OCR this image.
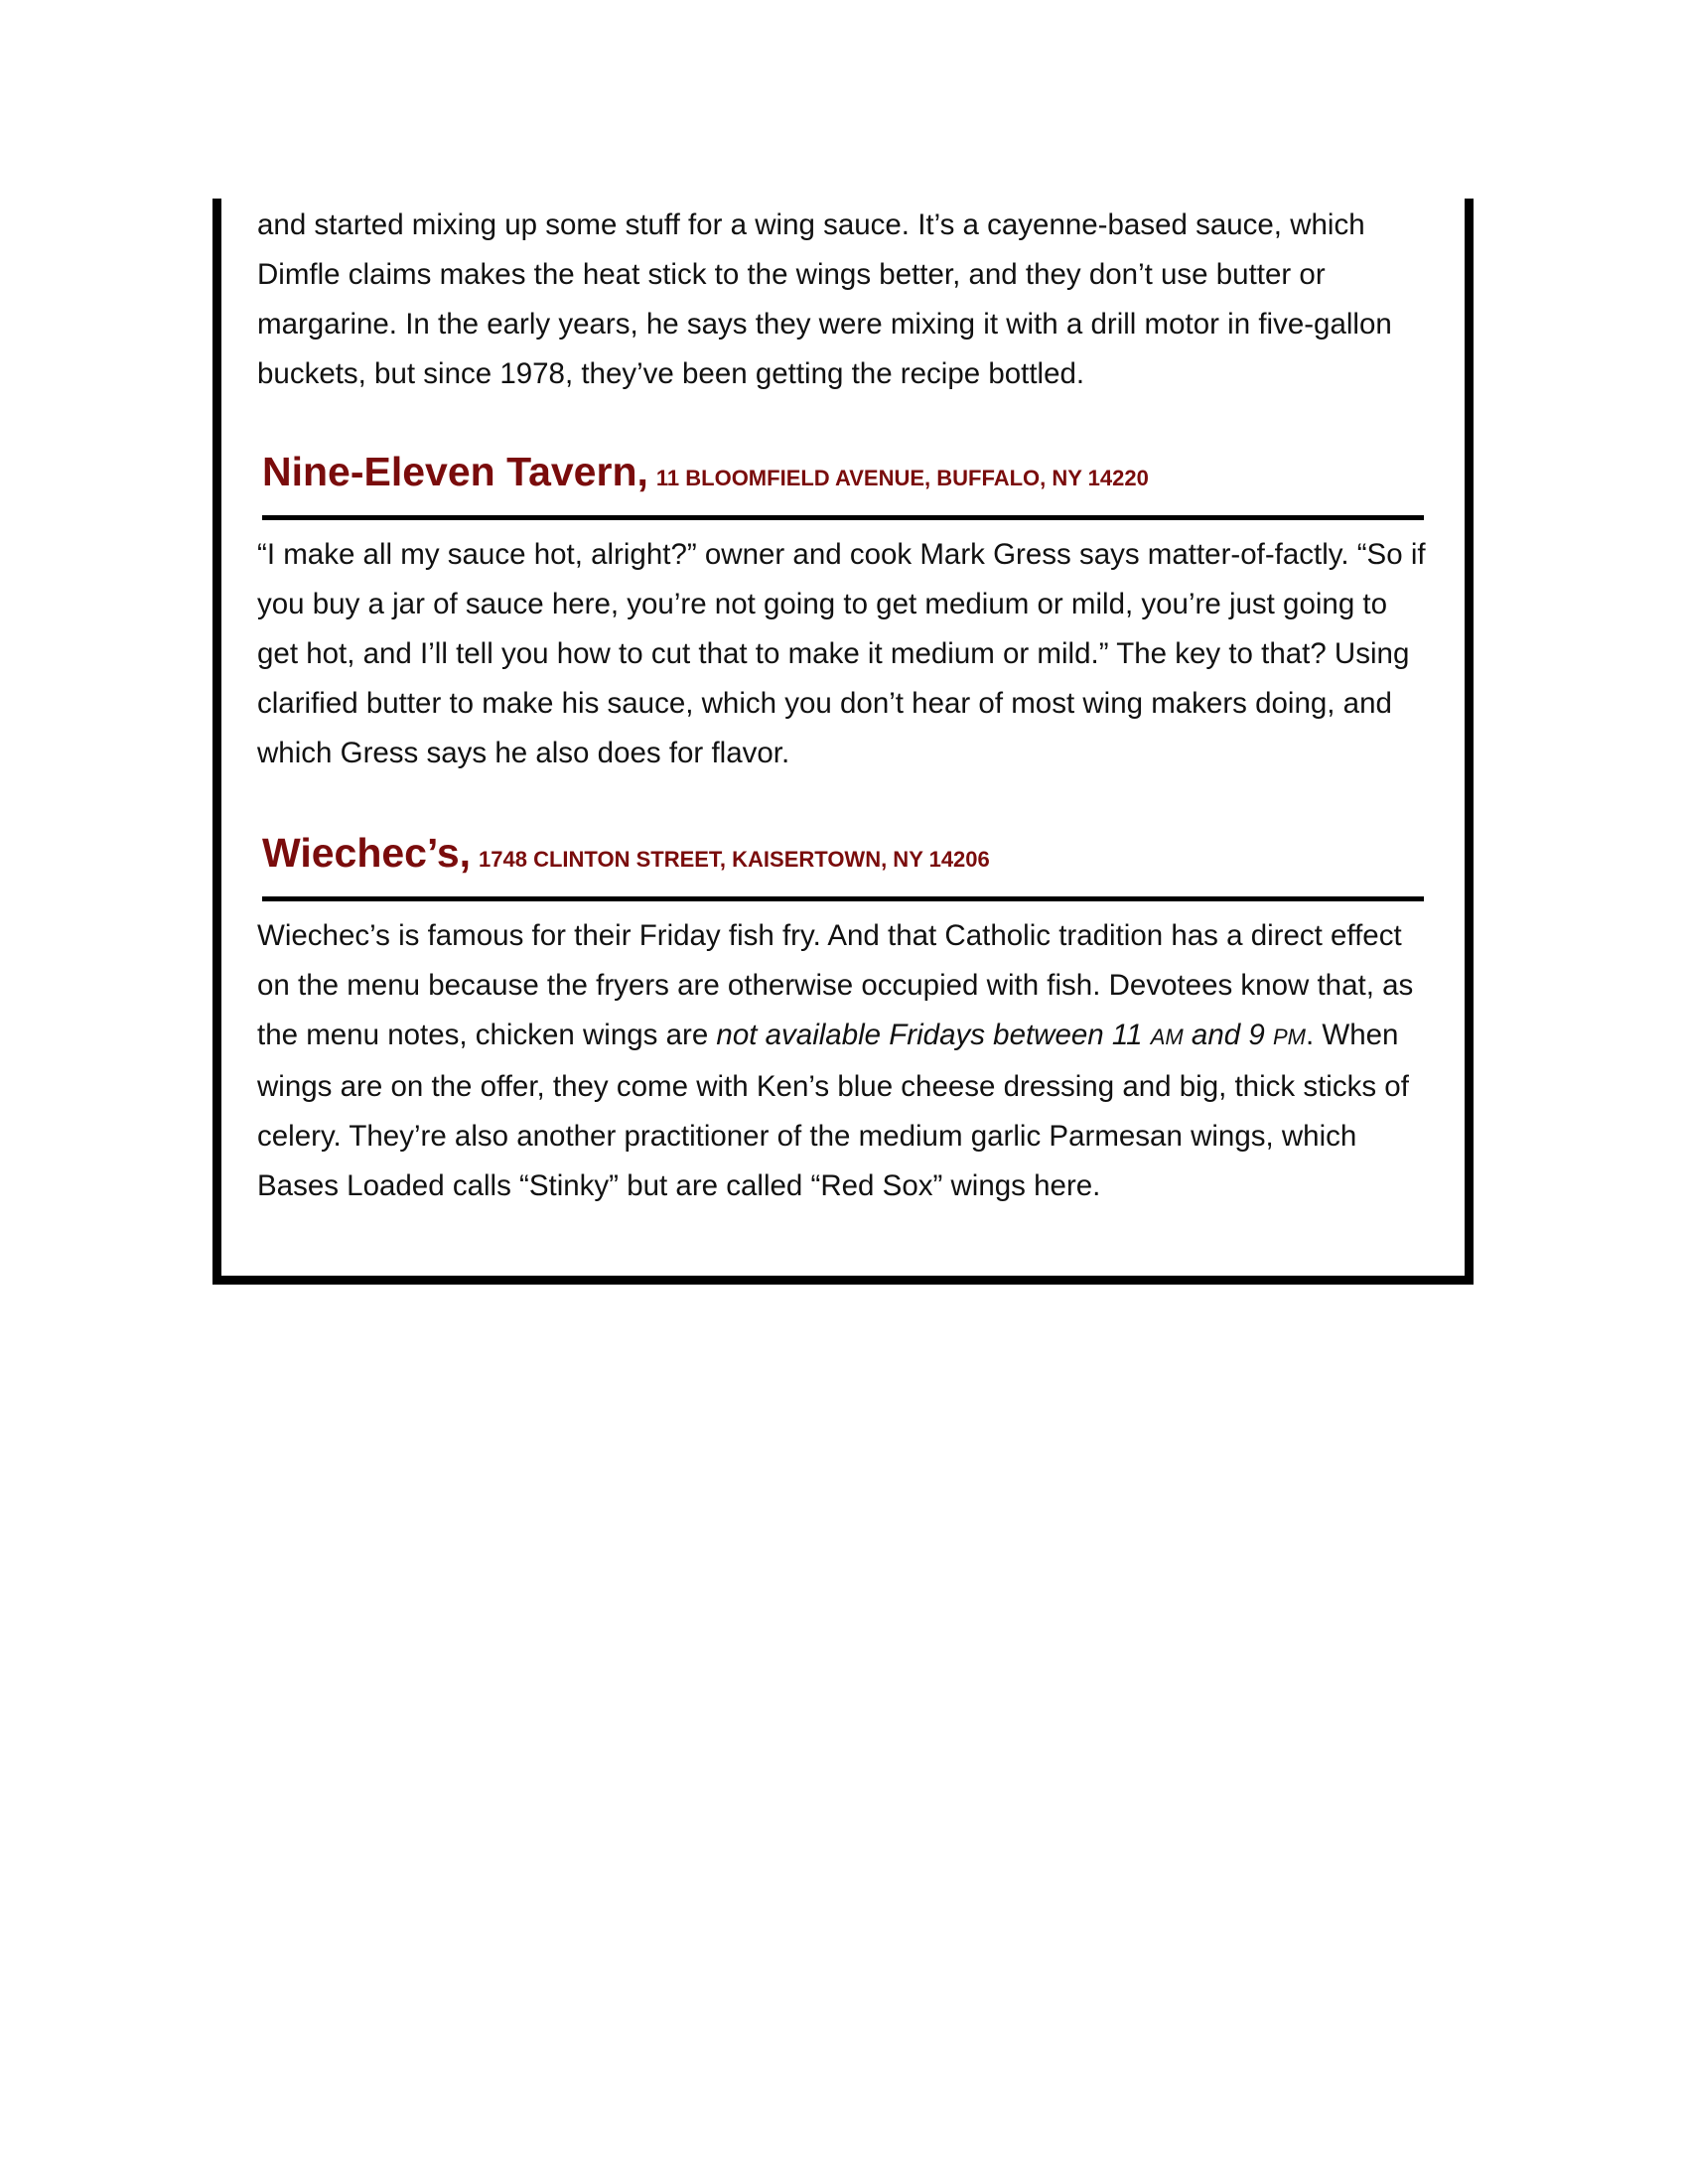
and started mixing up some stuff for a wing sauce. It’s a cayenne-based sauce, which Dimfle claims makes the heat stick to the wings better, and they don’t use butter or margarine. In the early years, he says they were mixing it with a drill motor in five-gallon buckets, but since 1978, they’ve been getting the recipe bottled.

Nine-Eleven Tavern, 11 BLOOMFIELD AVENUE, BUFFALO, NY 14220

“I make all my sauce hot, alright?” owner and cook Mark Gress says matter-of-factly. “So if you buy a jar of sauce here, you’re not going to get medium or mild, you’re just going to get hot, and I’ll tell you how to cut that to make it medium or mild.” The key to that? Using clarified butter to make his sauce, which you don’t hear of most wing makers doing, and which Gress says he also does for flavor.

Wiechec’s, 1748 CLINTON STREET, KAISERTOWN, NY 14206

Wiechec’s is famous for their Friday fish fry. And that Catholic tradition has a direct effect on the menu because the fryers are otherwise occupied with fish. Devotees know that, as the menu notes, chicken wings are not available Fridays between 11 AM and 9 PM. When wings are on the offer, they come with Ken’s blue cheese dressing and big, thick sticks of celery. They’re also another practitioner of the medium garlic Parmesan wings, which Bases Loaded calls “Stinky” but are called “Red Sox” wings here.
